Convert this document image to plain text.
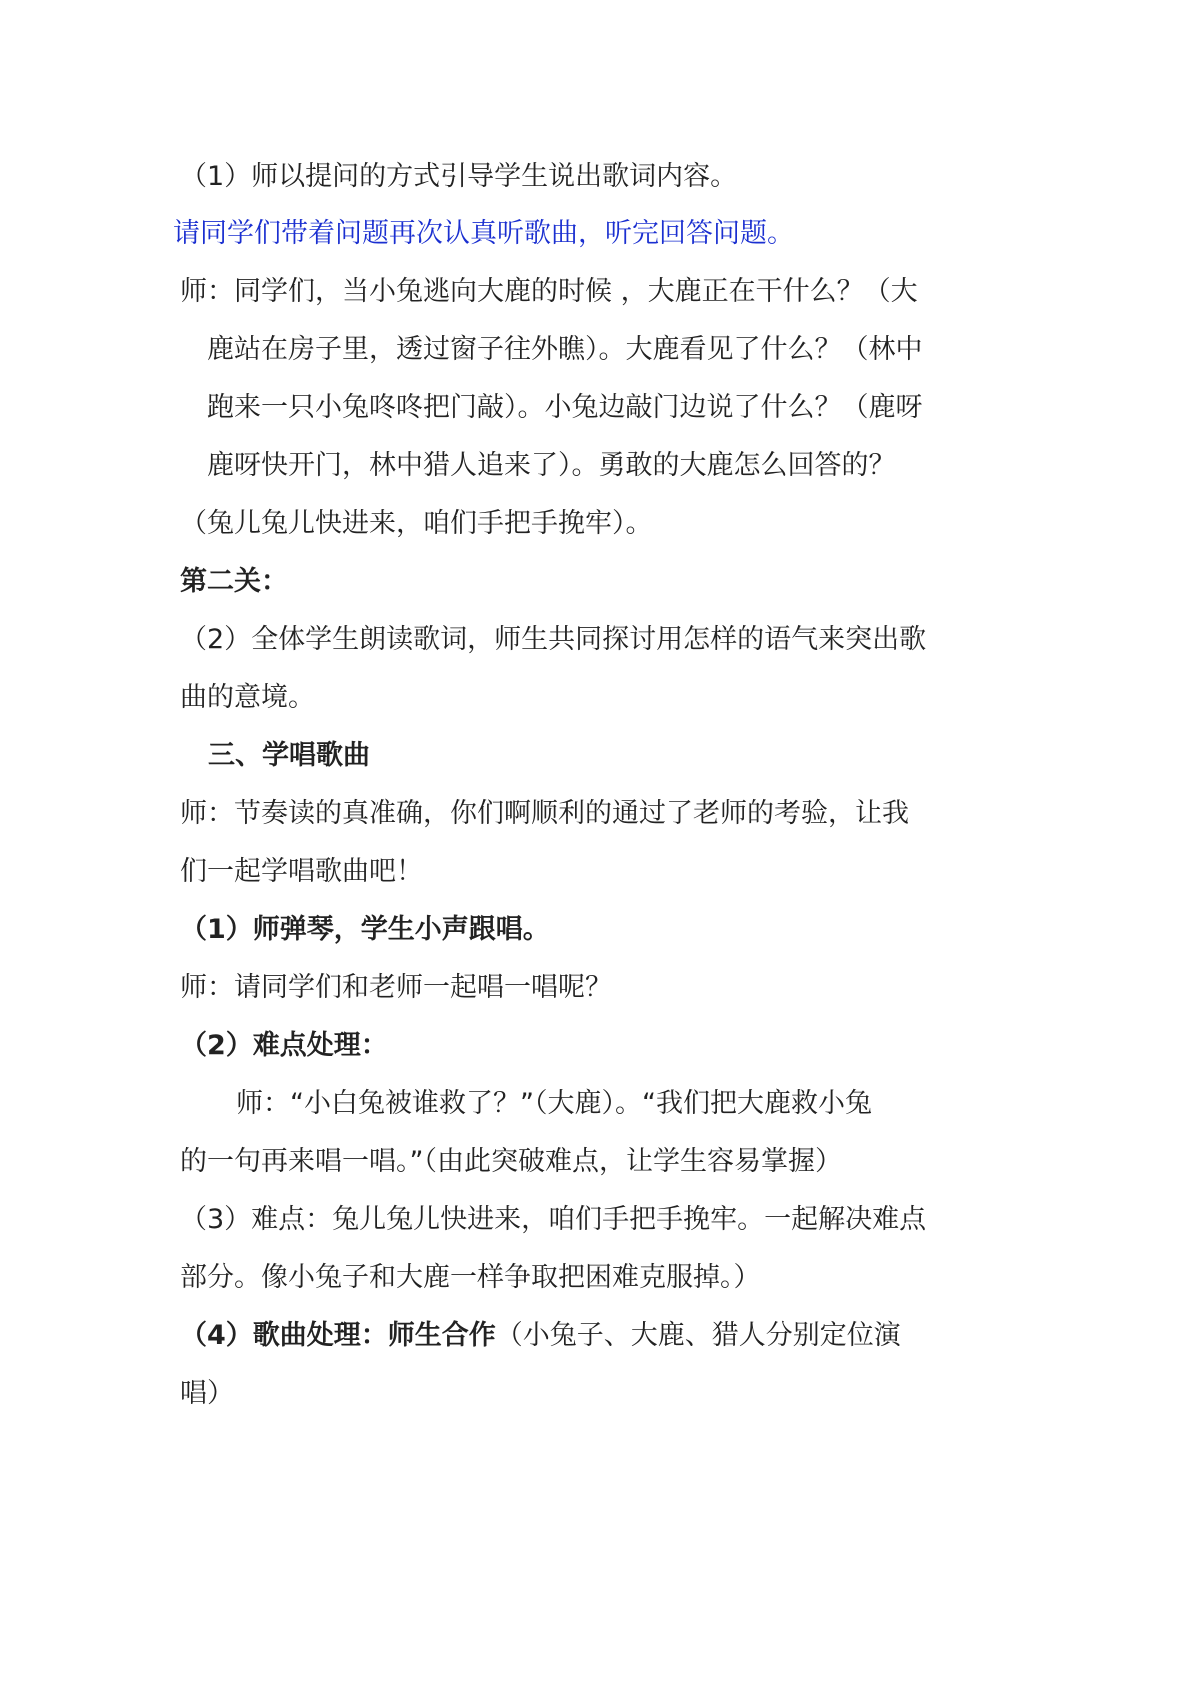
（1）师以提问的方式引导学生说出歌词内容。

请同学们带着问题再次认真听歌曲，听完回答问题。

师：同学们，当小兔逃向大鹿的时候 ，大鹿正在干什么？（大

鹿站在房子里，透过窗子往外瞧）。大鹿看见了什么？（林中

跑来一只小兔咚咚把门敲）。小兔边敲门边说了什么？（鹿呀

鹿呀快开门，林中猎人追来了）。勇敢的大鹿怎么回答的？

（兔儿兔儿快进来，咱们手把手挽牢）。

第二关：

（2）全体学生朗读歌词，师生共同探讨用怎样的语气来突出歌

曲的意境。

三、学唱歌曲

师：节奏读的真准确，你们啊顺利的通过了老师的考验，让我

们一起学唱歌曲吧！

（1）师弹琴，学生小声跟唱。

师：请同学们和老师一起唱一唱呢？

（2）难点处理：

师：“小白兔被谁救了？”（大鹿）。“我们把大鹿救小兔

的一句再来唱一唱。”（由此突破难点，让学生容易掌握）

（3）难点：兔儿兔儿快进来，咱们手把手挽牢。一起解决难点

部分。像小兔子和大鹿一样争取把困难克服掉。）

（4）歌曲处理：师生合作（小兔子、大鹿、猎人分别定位演

唱）
